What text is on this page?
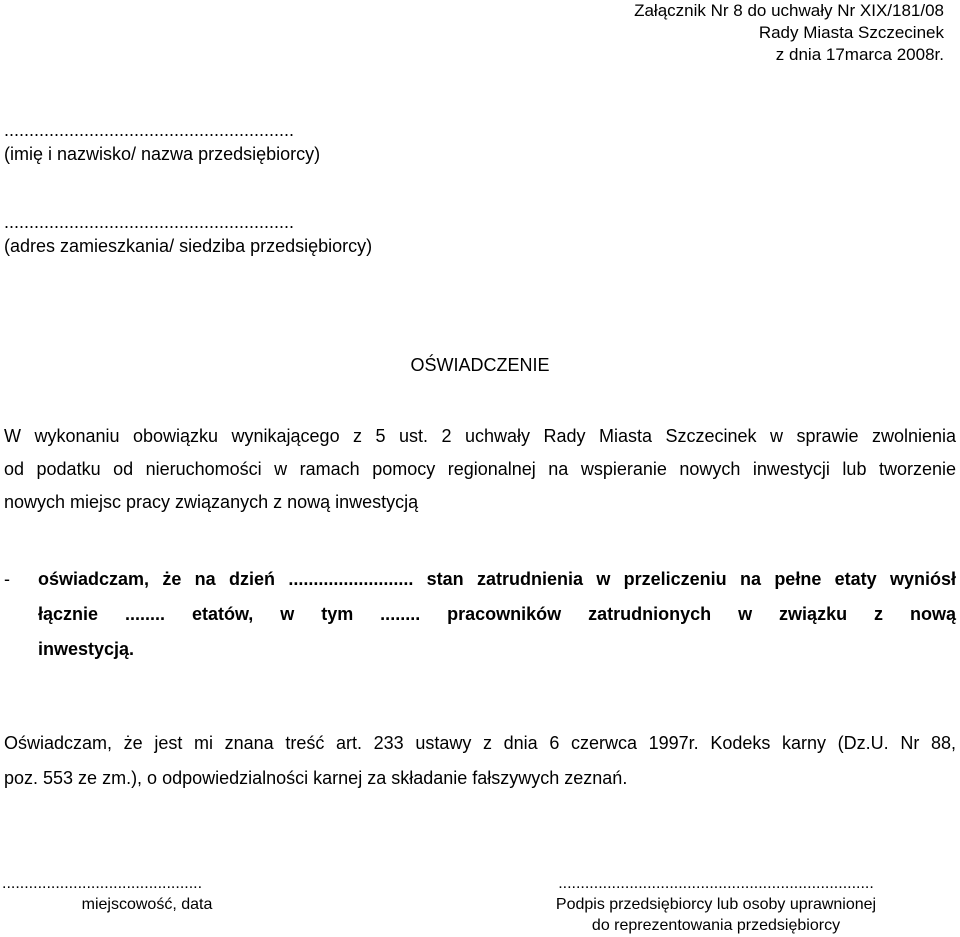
Załącznik Nr 8 do uchwały Nr XIX/181/08
Rady Miasta Szczecinek
z dnia 17marca 2008r.
..........................................................
(imię i nazwisko/ nazwa przedsiębiorcy)
..........................................................
(adres zamieszkania/ siedziba przedsiębiorcy)
OŚWIADCZENIE
W wykonaniu obowiązku wynikającego z 5 ust. 2 uchwały Rady Miasta Szczecinek w sprawie zwolnienia
od podatku od nieruchomości w ramach pomocy regionalnej na wspieranie nowych inwestycji lub tworzenie
nowych miejsc pracy związanych z nową inwestycją
- oświadczam, że na dzień ......................... stan zatrudnienia w przeliczeniu na pełne etaty wyniósł
łącznie ........ etatów, w tym ........ pracowników zatrudnionych w związku z nową
inwestycją.
Oświadczam, że jest mi znana treść art. 233 ustawy z dnia 6 czerwca 1997r. Kodeks karny (Dz.U. Nr 88,
poz. 553 ze zm.), o odpowiedzialności karnej za składanie fałszywych zeznań.
.............................................
miejscowość, data
.......................................................................
Podpis przedsiębiorcy lub osoby uprawnionej
do reprezentowania przedsiębiorcy
